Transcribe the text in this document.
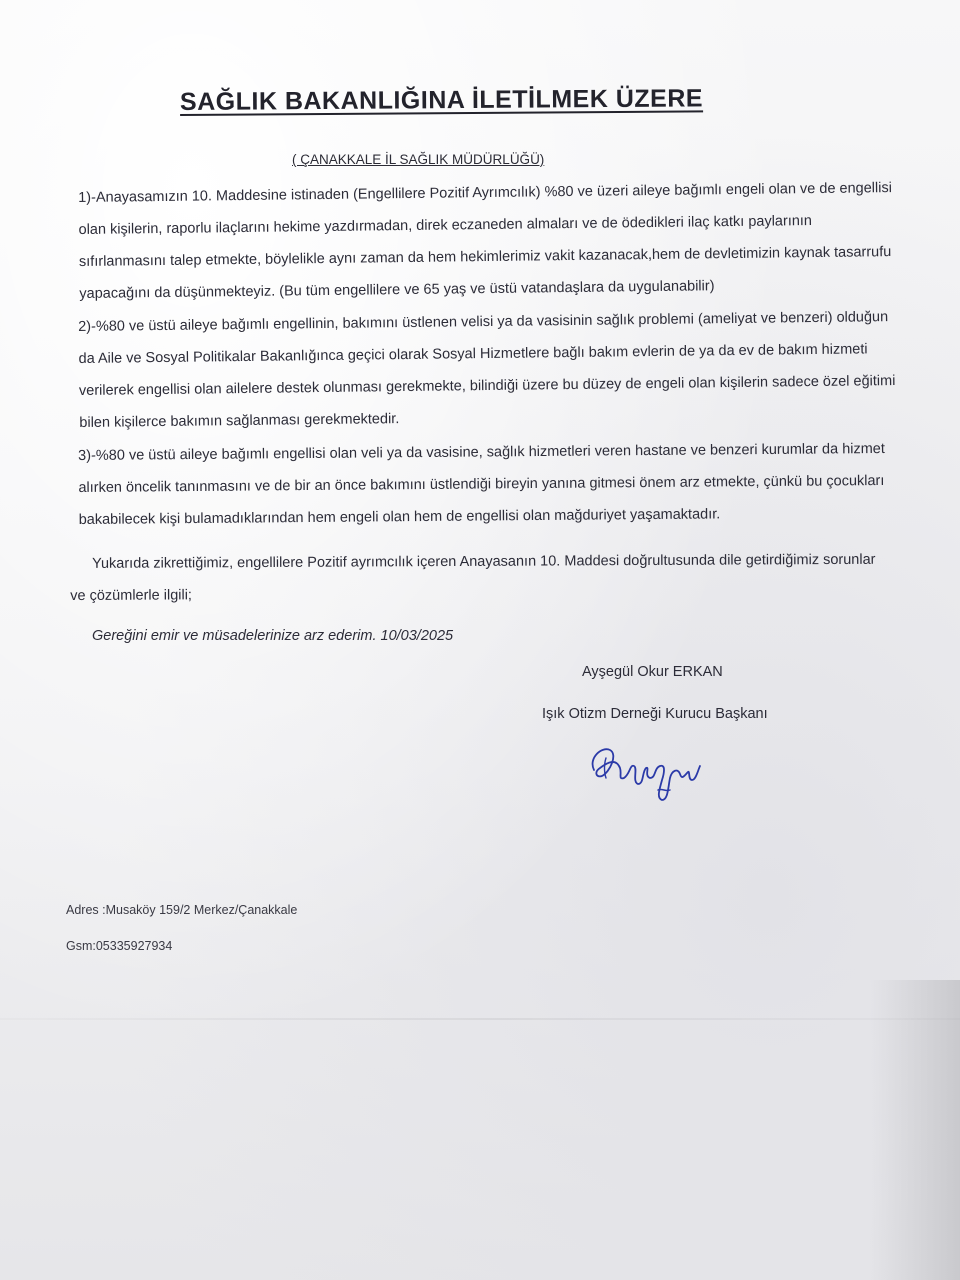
SAĞLIK BAKANLIĞINA İLETİLMEK ÜZERE
( ÇANAKKALE İL SAĞLIK MÜDÜRLÜĞÜ)
1)-Anayasamızın 10. Maddesine istinaden (Engellilere Pozitif Ayrımcılık) %80 ve üzeri aileye bağımlı engeli olan ve de engellisi olan kişilerin, raporlu ilaçlarını hekime yazdırmadan, direk eczaneden almaları ve de ödedikleri ilaç katkı paylarının sıfırlanmasını talep etmekte, böylelikle aynı zaman da hem hekimlerimiz vakit kazanacak,hem de devletimizin kaynak tasarrufu yapacağını da düşünmekteyiz. (Bu tüm engellilere ve 65 yaş ve üstü vatandaşlara da uygulanabilir)
2)-%80 ve üstü aileye bağımlı engellinin, bakımını üstlenen velisi ya da vasisinin sağlık problemi (ameliyat ve benzeri) olduğun da Aile ve Sosyal Politikalar Bakanlığınca geçici olarak Sosyal Hizmetlere bağlı bakım evlerin de ya da ev de bakım hizmeti verilerek engellisi olan ailelere destek olunması gerekmekte, bilindiği üzere bu düzey de engeli olan kişilerin sadece özel eğitimi bilen kişilerce bakımın sağlanması gerekmektedir.
3)-%80 ve üstü aileye bağımlı engellisi olan veli ya da vasisine, sağlık hizmetleri veren hastane ve benzeri kurumlar da hizmet alırken öncelik tanınmasını ve de bir an önce bakımını üstlendiği bireyin yanına gitmesi önem arz etmekte, çünkü bu çocukları bakabilecek kişi bulamadıklarından hem engeli olan hem de engellisi olan mağduriyet yaşamaktadır.
Yukarıda zikrettiğimiz, engellilere Pozitif ayrımcılık içeren Anayasanın 10. Maddesi doğrultusunda dile getirdiğimiz sorunlar ve çözümlerle ilgili;
Gereğini emir ve müsadelerinize arz ederim. 10/03/2025
Ayşegül Okur ERKAN
Işık Otizm Derneği Kurucu Başkanı
Adres :Musaköy 159/2 Merkez/Çanakkale
Gsm:05335927934
